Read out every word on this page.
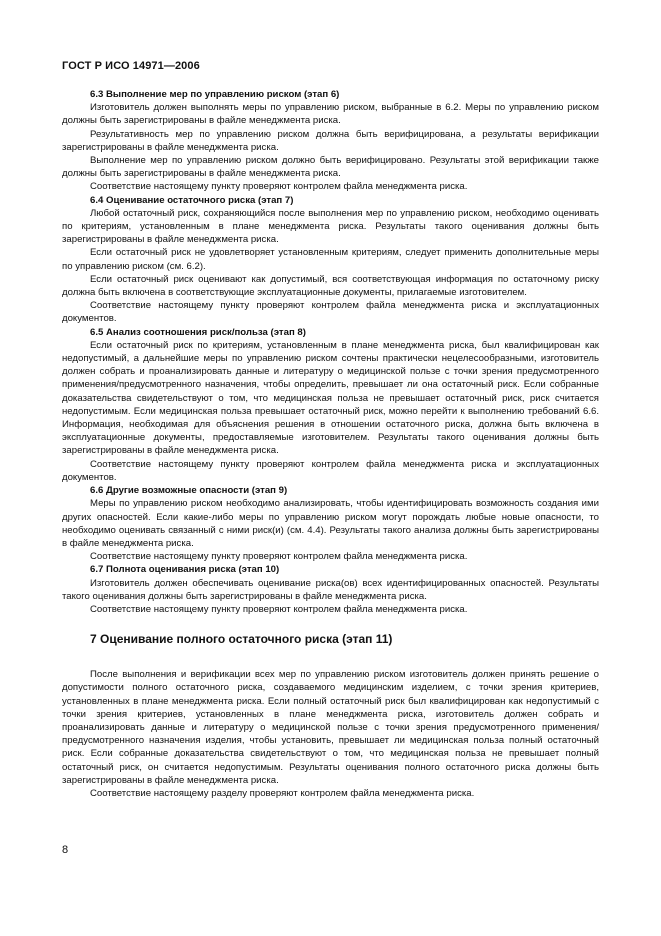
ГОСТ Р ИСО 14971—2006

6.3 Выполнение мер по управлению риском (этап 6)

Изготовитель должен выполнять меры по управлению риском, выбранные в 6.2. Меры по управлению риском должны быть зарегистрированы в файле менеджмента риска.

Результативность мер по управлению риском должна быть верифицирована, а результаты верификации зарегистрированы в файле менеджмента риска.

Выполнение мер по управлению риском должно быть верифицировано. Результаты этой верификации также должны быть зарегистрированы в файле менеджмента риска.

Соответствие настоящему пункту проверяют контролем файла менеджмента риска.

6.4 Оценивание остаточного риска (этап 7)

Любой остаточный риск, сохраняющийся после выполнения мер по управлению риском, необходимо оценивать по критериям, установленным в плане менеджмента риска. Результаты такого оценивания должны быть зарегистрированы в файле менеджмента риска.

Если остаточный риск не удовлетворяет установленным критериям, следует применить дополнительные меры по управлению риском (см. 6.2).

Если остаточный риск оценивают как допустимый, вся соответствующая информация по остаточному риску должна быть включена в соответствующие эксплуатационные документы, прилагаемые изготовителем.

Соответствие настоящему пункту проверяют контролем файла менеджмента риска и эксплуатационных документов.

6.5 Анализ соотношения риск/польза (этап 8)

Если остаточный риск по критериям, установленным в плане менеджмента риска, был квалифицирован как недопустимый, а дальнейшие меры по управлению риском сочтены практически нецелесообразными, изготовитель должен собрать и проанализировать данные и литературу о медицинской пользе с точки зрения предусмотренного применения/предусмотренного назначения, чтобы определить, превышает ли она остаточный риск. Если собранные доказательства свидетельствуют о том, что медицинская польза не превышает остаточный риск, риск считается недопустимым. Если медицинская польза превышает остаточный риск, можно перейти к выполнению требований 6.6. Информация, необходимая для объяснения решения в отношении остаточного риска, должна быть включена в эксплуатационные документы, предоставляемые изготовителем. Результаты такого оценивания должны быть зарегистрированы в файле менеджмента риска.

Соответствие настоящему пункту проверяют контролем файла менеджмента риска и эксплуатационных документов.

6.6 Другие возможные опасности (этап 9)

Меры по управлению риском необходимо анализировать, чтобы идентифицировать возможность создания ими других опасностей. Если какие-либо меры по управлению риском могут порождать любые новые опасности, то необходимо оценивать связанный с ними риск(и) (см. 4.4). Результаты такого анализа должны быть зарегистрированы в файле менеджмента риска.

Соответствие настоящему пункту проверяют контролем файла менеджмента риска.

6.7 Полнота оценивания риска (этап 10)

Изготовитель должен обеспечивать оценивание риска(ов) всех идентифицированных опасностей. Результаты такого оценивания должны быть зарегистрированы в файле менеджмента риска.

Соответствие настоящему пункту проверяют контролем файла менеджмента риска.

7 Оценивание полного остаточного риска (этап 11)

После выполнения и верификации всех мер по управлению риском изготовитель должен принять решение о допустимости полного остаточного риска, создаваемого медицинским изделием, с точки зрения критериев, установленных в плане менеджмента риска. Если полный остаточный риск был квалифицирован как недопустимый с точки зрения критериев, установленных в плане менеджмента риска, изготовитель должен собрать и проанализировать данные и литературу о медицинской пользе с точки зрения предусмотренного применения/предусмотренного назначения изделия, чтобы установить, превышает ли медицинская польза полный остаточный риск. Если собранные доказательства свидетельствуют о том, что медицинская польза не превышает полный остаточный риск, он считается недопустимым. Результаты оценивания полного остаточного риска должны быть зарегистрированы в файле менеджмента риска.

Соответствие настоящему разделу проверяют контролем файла менеджмента риска.

8
